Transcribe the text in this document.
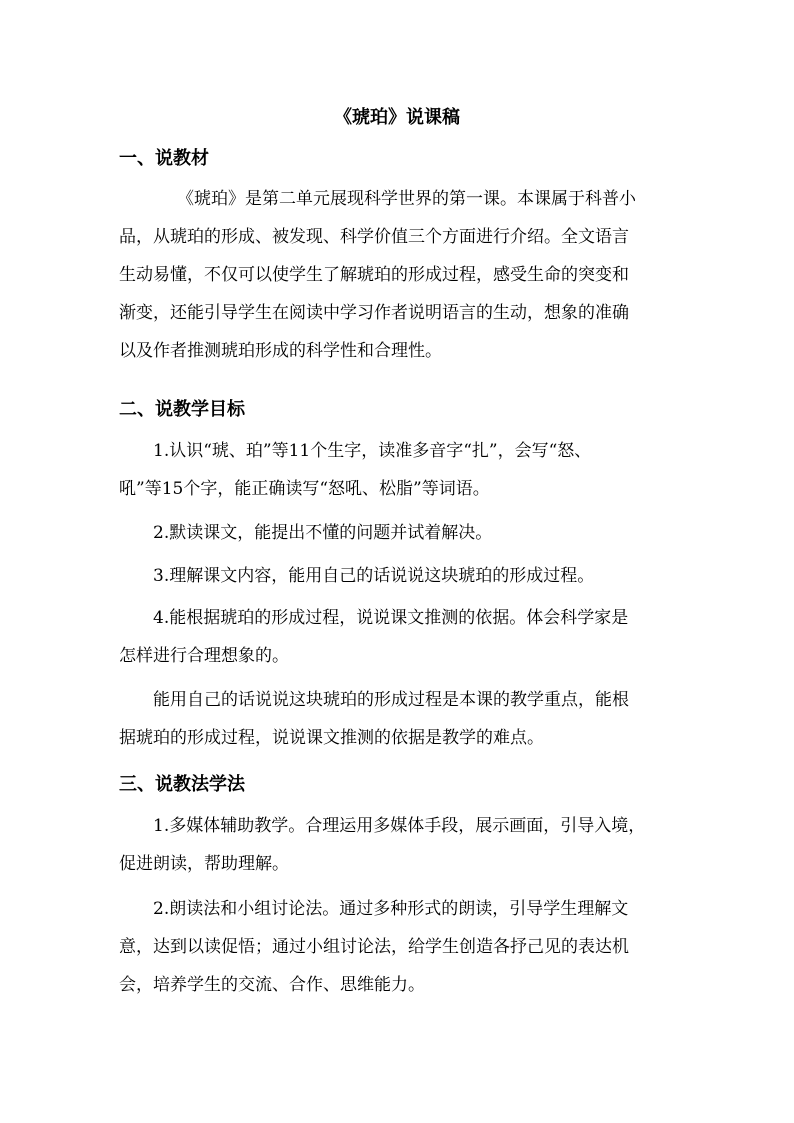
《琥珀》说课稿
一、说教材
《琥珀》是第二单元展现科学世界的第一课。本课属于科普小
品，从琥珀的形成、被发现、科学价值三个方面进行介绍。全文语言
生动易懂，不仅可以使学生了解琥珀的形成过程，感受生命的突变和
渐变，还能引导学生在阅读中学习作者说明语言的生动，想象的准确
以及作者推测琥珀形成的科学性和合理性。
二、说教学目标
1.认识“琥、珀”等11个生字，读准多音字“扎”，会写“怒、
吼”等15个字，能正确读写“怒吼、松脂”等词语。
2.默读课文，能提出不懂的问题并试着解决。
3.理解课文内容，能用自己的话说说这块琥珀的形成过程。
4.能根据琥珀的形成过程，说说课文推测的依据。体会科学家是
怎样进行合理想象的。
能用自己的话说说这块琥珀的形成过程是本课的教学重点，能根
据琥珀的形成过程，说说课文推测的依据是教学的难点。
三、说教法学法
1.多媒体辅助教学。合理运用多媒体手段，展示画面，引导入境，
促进朗读，帮助理解。
2.朗读法和小组讨论法。通过多种形式的朗读，引导学生理解文
意，达到以读促悟；通过小组讨论法，给学生创造各抒己见的表达机
会，培养学生的交流、合作、思维能力。
